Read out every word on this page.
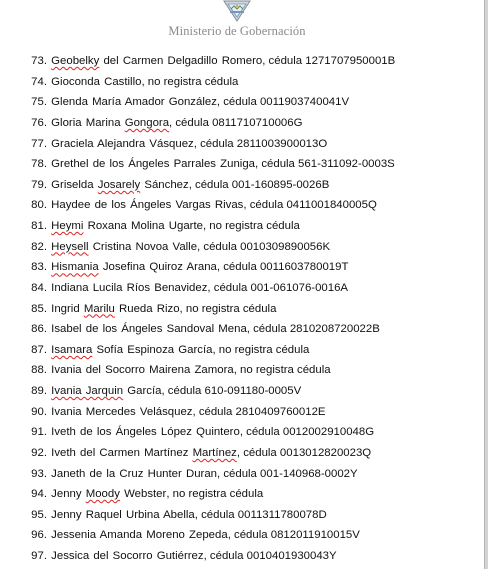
Ministerio de Gobernación
73. Geobelky del Carmen Delgadillo Romero, cédula 1271707950001B
74. Gioconda Castillo, no registra cédula
75. Glenda María Amador González, cédula 0011903740041V
76. Gloria Marina Gongora, cédula 0811710710006G
77. Graciela Alejandra Vásquez, cédula 2811003900013O
78. Grethel de los Ángeles Parrales Zuniga, cédula 561-311092-0003S
79. Griselda Josarely Sánchez, cédula 001-160895-0026B
80. Haydee de los Ángeles Vargas Rivas, cédula 0411001840005Q
81. Heymi Roxana Molina Ugarte, no registra cédula
82. Heysell Cristina Novoa Valle, cédula 0010309890056K
83. Hismania Josefina Quiroz Arana, cédula 0011603780019T
84. Indiana Lucila Ríos Benavidez, cédula 001-061076-0016A
85. Ingrid Marilu Rueda Rizo, no registra cédula
86. Isabel de los Ángeles Sandoval Mena, cédula 2810208720022B
87. Isamara Sofía Espinoza García, no registra cédula
88. Ivania del Socorro Mairena Zamora, no registra cédula
89. Ivania Jarquin García, cédula 610-091180-0005V
90. Ivania Mercedes Velásquez, cédula 2810409760012E
91. Iveth de los Ángeles López Quintero, cédula 0012002910048G
92. Iveth del Carmen Martínez Martínez, cédula 0013012820023Q
93. Janeth de la Cruz Hunter Duran, cédula 001-140968-0002Y
94. Jenny Moody Webster, no registra cédula
95. Jenny Raquel Urbina Abella, cédula 0011311780078D
96. Jessenia Amanda Moreno Zepeda, cédula 0812011910015V
97. Jessica del Socorro Gutiérrez, cédula 0010401930043Y
